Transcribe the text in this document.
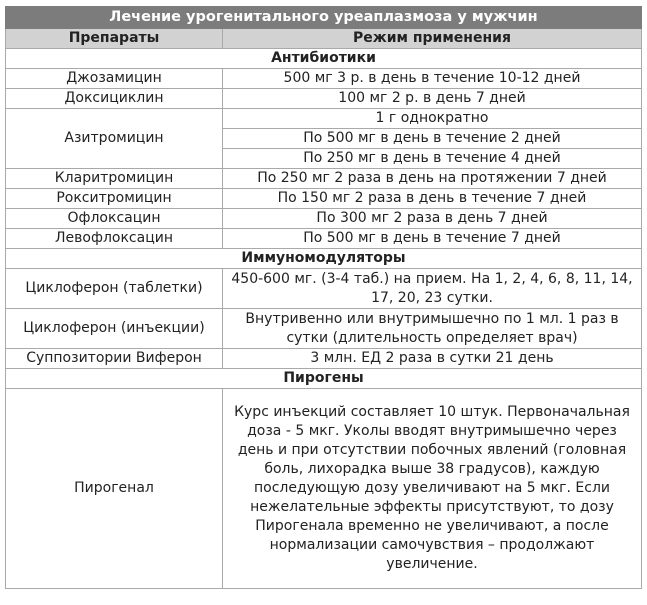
Лечение урогенитального уреаплазмоза у мужчин	
Препараты	Режим применения
Антибиотики	
Джозамицин	500 мг 3 р. в день в течение 10-12 дней
Доксициклин	100 мг 2 р. в день 7 дней
Азитромицин	1 г однократно
	По 500 мг в день в течение 2 дней
	По 250 мг в день в течение 4 дней
Кларитромицин	По 250 мг 2 раза в день на протяжении 7 дней
Рокситромицин	По 150 мг 2 раза в день в течение 7 дней
Офлоксацин	По 300 мг 2 раза в день 7 дней
Левофлоксацин	По 500 мг в день в течение 7 дней
Иммуномодуляторы	
Циклоферон (таблетки)	450-600 мг. (3-4 таб.) на прием. На 1, 2, 4, 6, 8, 11, 14, 17, 20, 23 сутки.
Циклоферон (инъекции)	Внутривенно или внутримышечно по 1 мл. 1 раз в сутки (длительность определяет врач)
Суппозитории Виферон	3 млн. ЕД 2 раза в сутки 21 день
Пирогены	
Пирогенал	Курс инъекций составляет 10 штук. Первоначальная доза - 5 мкг. Уколы вводят внутримышечно через день и при отсутствии побочных явлений (головная боль, лихорадка выше 38 градусов), каждую последующую дозу увеличивают на 5 мкг. Если нежелательные эффекты присутствуют, то дозу Пирогенала временно не увеличивают, а после нормализации самочувствия – продолжают увеличение.
